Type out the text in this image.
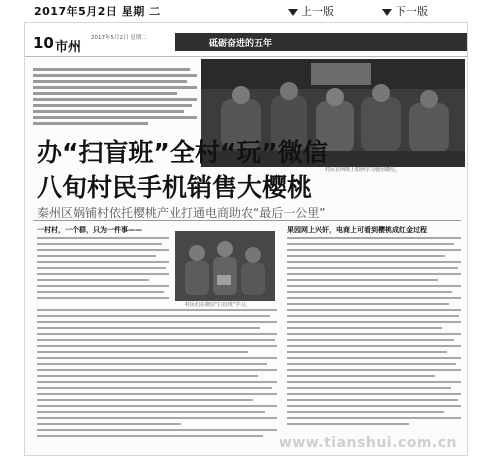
2017年5月2日 星期 二	上一版	下一版
10 市州
2017年5月2日 星期二
砥砺奋进的五年
村民在网络上如何学习使用微信。
办“扫盲班”全村“玩”微信
八旬村民手机销售大樱桃
秦州区娲铺村依托樱桃产业打通电商助农“最后一公里”
一村村，一个群，只为一件事——	果园网上兴奸，电商上可看到樱桃成红金过程
村民们在微信“扫盲班”学习。
www.tianshui.com.cn
